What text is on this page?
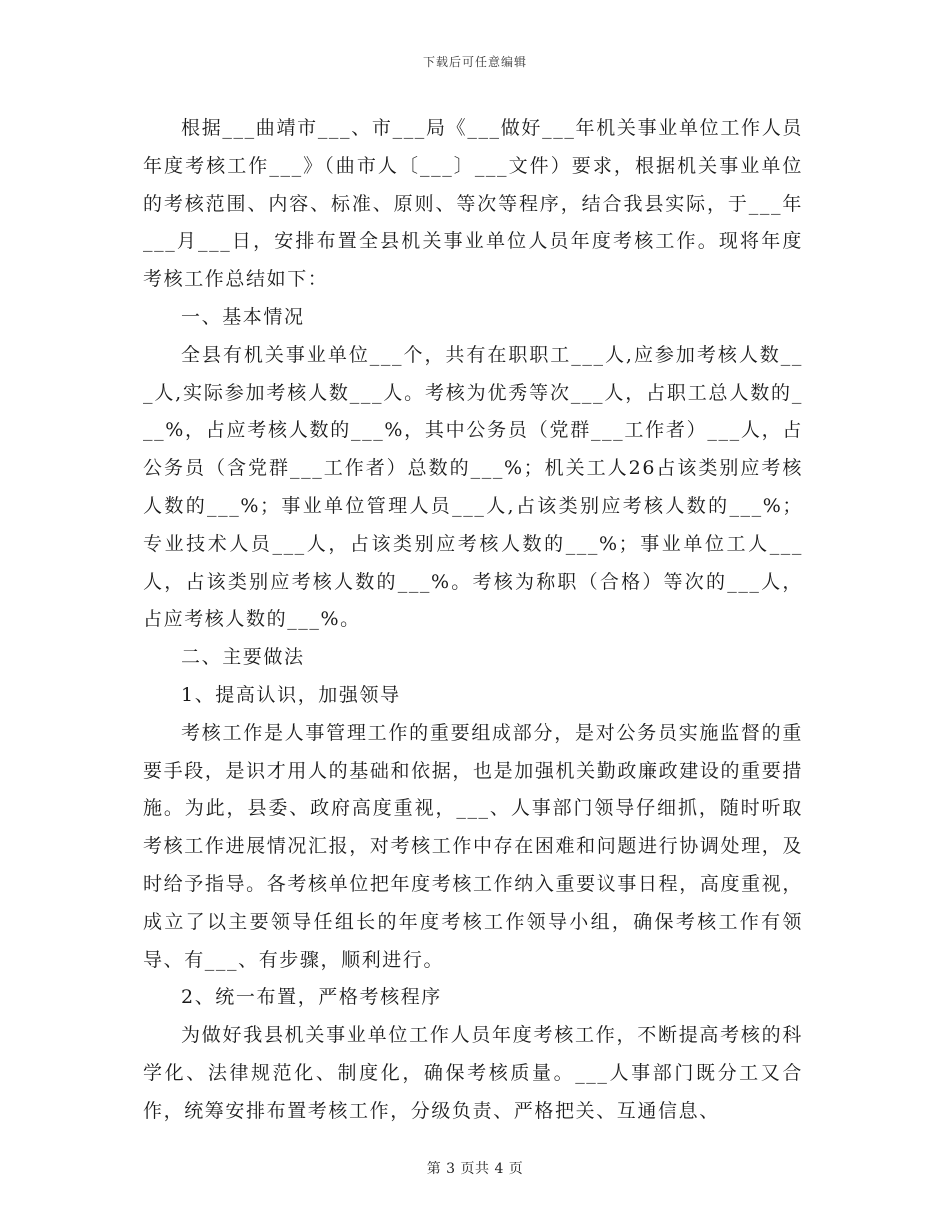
下载后可任意编辑

根据___曲靖市___、市___局《___做好___年机关事业单位工作人员年度考核工作___》（曲市人〔___〕___文件）要求，根据机关事业单位的考核范围、内容、标准、原则、等次等程序，结合我县实际，于___年___月___日，安排布置全县机关事业单位人员年度考核工作。现将年度考核工作总结如下：

一、基本情况

全县有机关事业单位___个，共有在职职工___人,应参加考核人数___人,实际参加考核人数___人。考核为优秀等次___人，占职工总人数的___%，占应考核人数的___%，其中公务员（党群___工作者）___人，占公务员（含党群___工作者）总数的___%；机关工人26占该类别应考核人数的___%；事业单位管理人员___人,占该类别应考核人数的___%；专业技术人员___人，占该类别应考核人数的___%；事业单位工人___人，占该类别应考核人数的___%。考核为称职（合格）等次的___人，占应考核人数的___%。

二、主要做法

1、提高认识，加强领导

考核工作是人事管理工作的重要组成部分，是对公务员实施监督的重要手段，是识才用人的基础和依据，也是加强机关勤政廉政建设的重要措施。为此，县委、政府高度重视，___、人事部门领导仔细抓，随时听取考核工作进展情况汇报，对考核工作中存在困难和问题进行协调处理，及时给予指导。各考核单位把年度考核工作纳入重要议事日程，高度重视，成立了以主要领导任组长的年度考核工作领导小组，确保考核工作有领导、有___、有步骤，顺利进行。

2、统一布置，严格考核程序

为做好我县机关事业单位工作人员年度考核工作，不断提高考核的科学化、法律规范化、制度化，确保考核质量。___人事部门既分工又合作，统筹安排布置考核工作，分级负责、严格把关、互通信息、

第 3 页共 4 页
